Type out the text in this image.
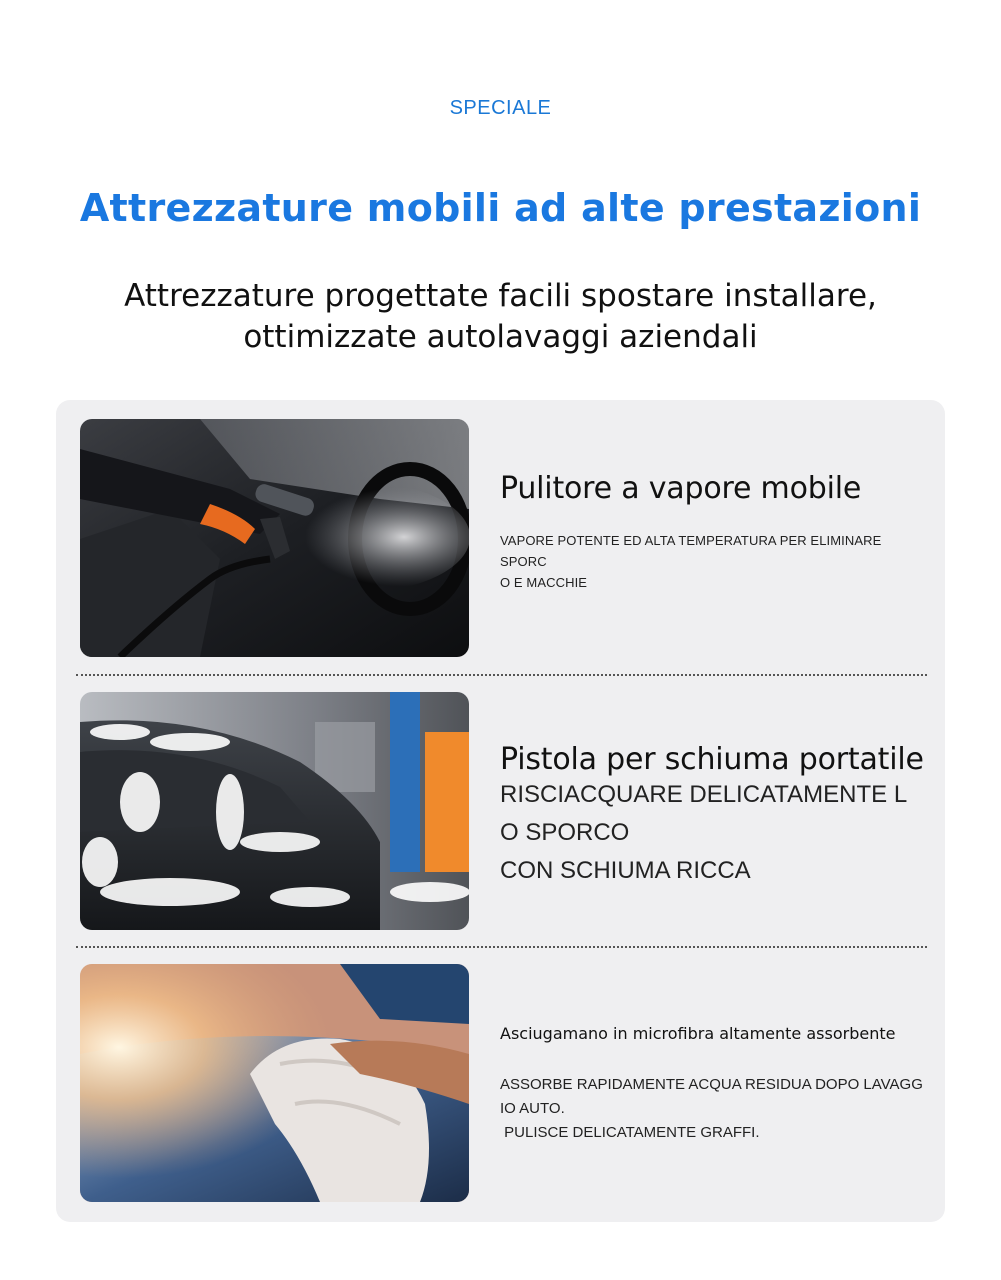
SPECIALE
Attrezzature mobili ad alte prestazioni
Attrezzature progettate facili spostare installare,
ottimizzate autolavaggi aziendali
Pulitore a vapore mobile
VAPORE POTENTE ED ALTA TEMPERATURA PER ELIMINARE SPORC
O E MACCHIE
Pistola per schiuma portatile
RISCIACQUARE DELICATAMENTE L
O SPORCO
CON SCHIUMA RICCA
Asciugamano in microfibra altamente assorbente
ASSORBE RAPIDAMENTE ACQUA RESIDUA DOPO LAVAGG
IO AUTO.
PULISCE DELICATAMENTE GRAFFI.
